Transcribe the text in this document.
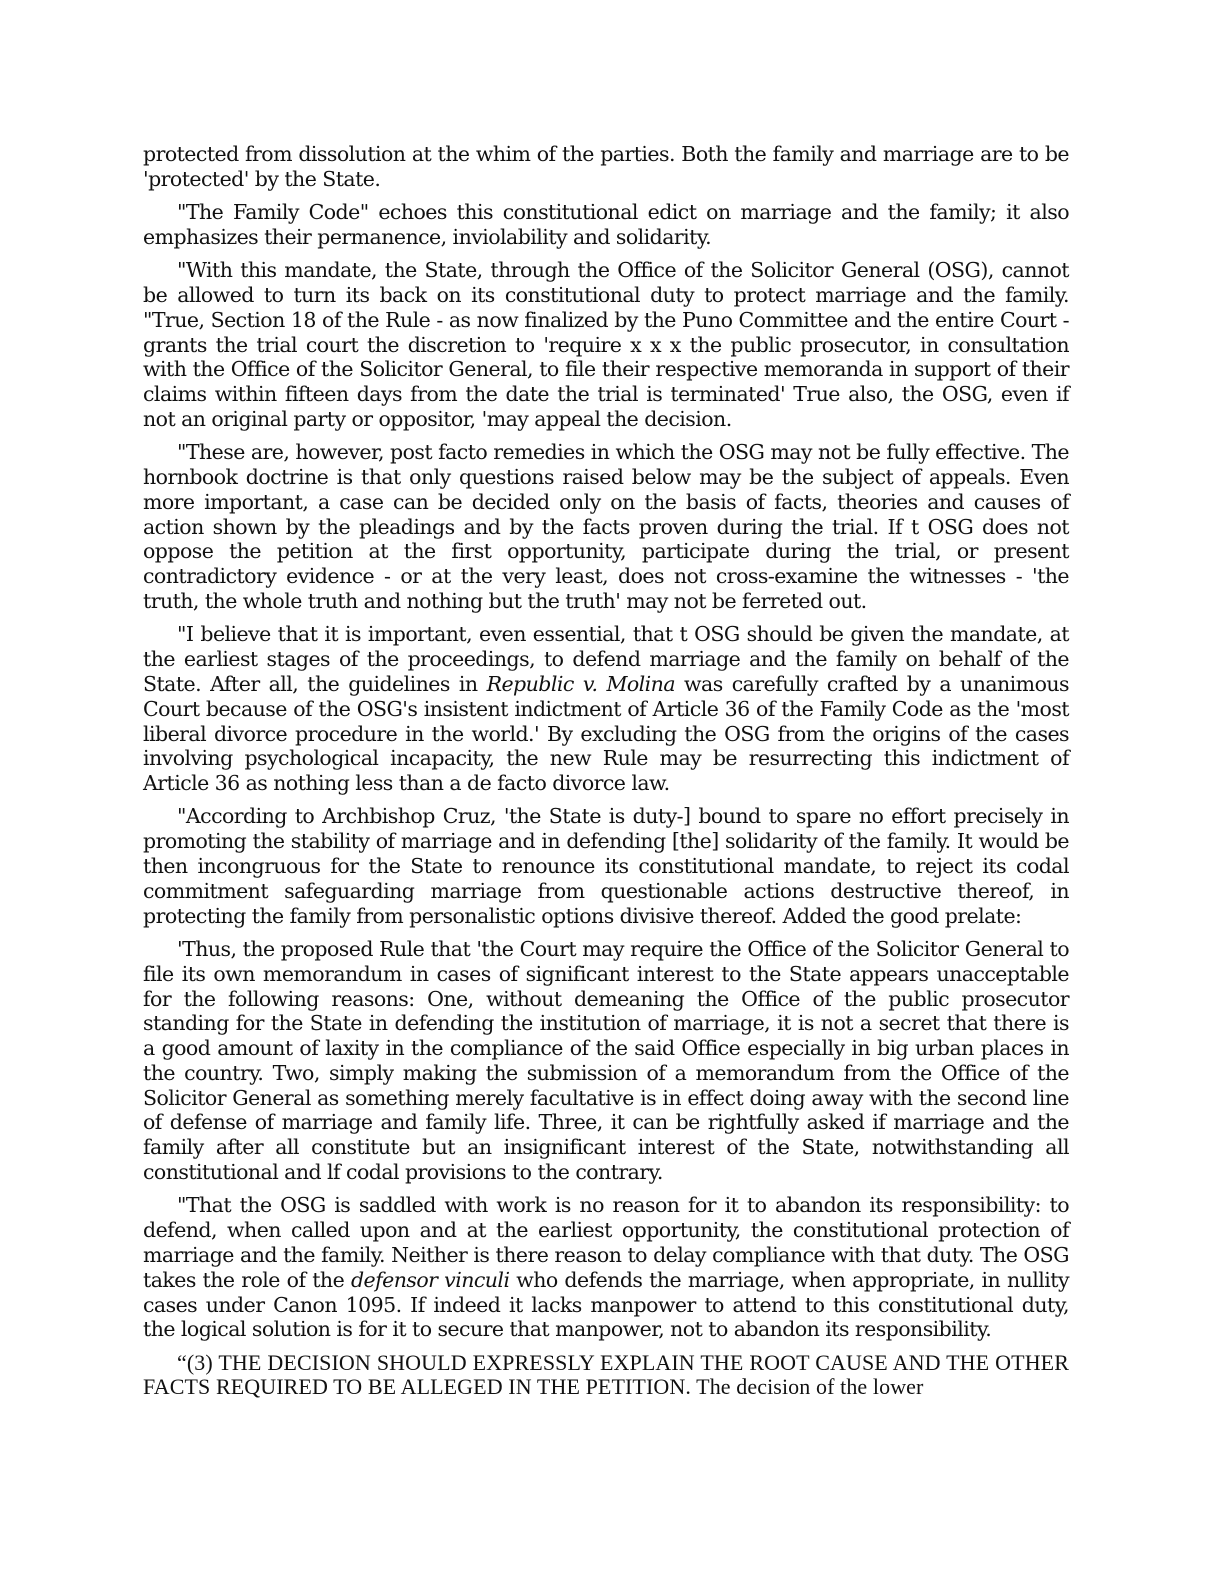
protected from dissolution at the whim of the parties. Both the family and marriage are to be 'protected' by the State.

"The Family Code" echoes this constitutional edict on marriage and the family; it also emphasizes their permanence, inviolability and solidarity.

"With this mandate, the State, through the Office of the Solicitor General (OSG), cannot be allowed to turn its back on its constitutional duty to protect marriage and the family. "True, Section 18 of the Rule - as now finalized by the Puno Committee and the entire Court - grants the trial court the discretion to 'require x x x the public prosecutor, in consultation with the Office of the Solicitor General, to file their respective memoranda in support of their claims within fifteen days from the date the trial is terminated' True also, the OSG, even if not an original party or oppositor, 'may appeal the decision.

"These are, however, post facto remedies in which the OSG may not be fully effective. The hornbook doctrine is that only questions raised below may be the subject of appeals. Even more important, a case can be decided only on the basis of facts, theories and causes of action shown by the pleadings and by the facts proven during the trial. If t OSG does not oppose the petition at the first opportunity, participate during the trial, or present contradictory evidence - or at the very least, does not cross-examine the witnesses - 'the truth, the whole truth and nothing but the truth' may not be ferreted out.

"I believe that it is important, even essential, that t OSG should be given the mandate, at the earliest stages of the proceedings, to defend marriage and the family on behalf of the State. After all, the guidelines in Republic v. Molina was carefully crafted by a unanimous Court because of the OSG's insistent indictment of Article 36 of the Family Code as the 'most liberal divorce procedure in the world.' By excluding the OSG from the origins of the cases involving psychological incapacity, the new Rule may be resurrecting this indictment of Article 36 as nothing less than a de facto divorce law.

"According to Archbishop Cruz, 'the State is duty-] bound to spare no effort precisely in promoting the stability of marriage and in defending [the] solidarity of the family. It would be then incongruous for the State to renounce its constitutional mandate, to reject its codal commitment safeguarding marriage from questionable actions destructive thereof, in protecting the family from personalistic options divisive thereof. Added the good prelate:

'Thus, the proposed Rule that 'the Court may require the Office of the Solicitor General to file its own memorandum in cases of significant interest to the State appears unacceptable for the following reasons: One, without demeaning the Office of the public prosecutor standing for the State in defending the institution of marriage, it is not a secret that there is a good amount of laxity in the compliance of the said Office especially in big urban places in the country. Two, simply making the submission of a memorandum from the Office of the Solicitor General as something merely facultative is in effect doing away with the second line of defense of marriage and family life. Three, it can be rightfully asked if marriage and the family after all constitute but an insignificant interest of the State, notwithstanding all constitutional and lf codal provisions to the contrary.

"That the OSG is saddled with work is no reason for it to abandon its responsibility: to defend, when called upon and at the earliest opportunity, the constitutional protection of marriage and the family. Neither is there reason to delay compliance with that duty. The OSG takes the role of the defensor vinculi who defends the marriage, when appropriate, in nullity cases under Canon 1095. If indeed it lacks manpower to attend to this constitutional duty, the logical solution is for it to secure that manpower, not to abandon its responsibility.

“(3) THE DECISION SHOULD EXPRESSLY EXPLAIN THE ROOT CAUSE AND THE OTHER FACTS REQUIRED TO BE ALLEGED IN THE PETITION. The decision of the lower
